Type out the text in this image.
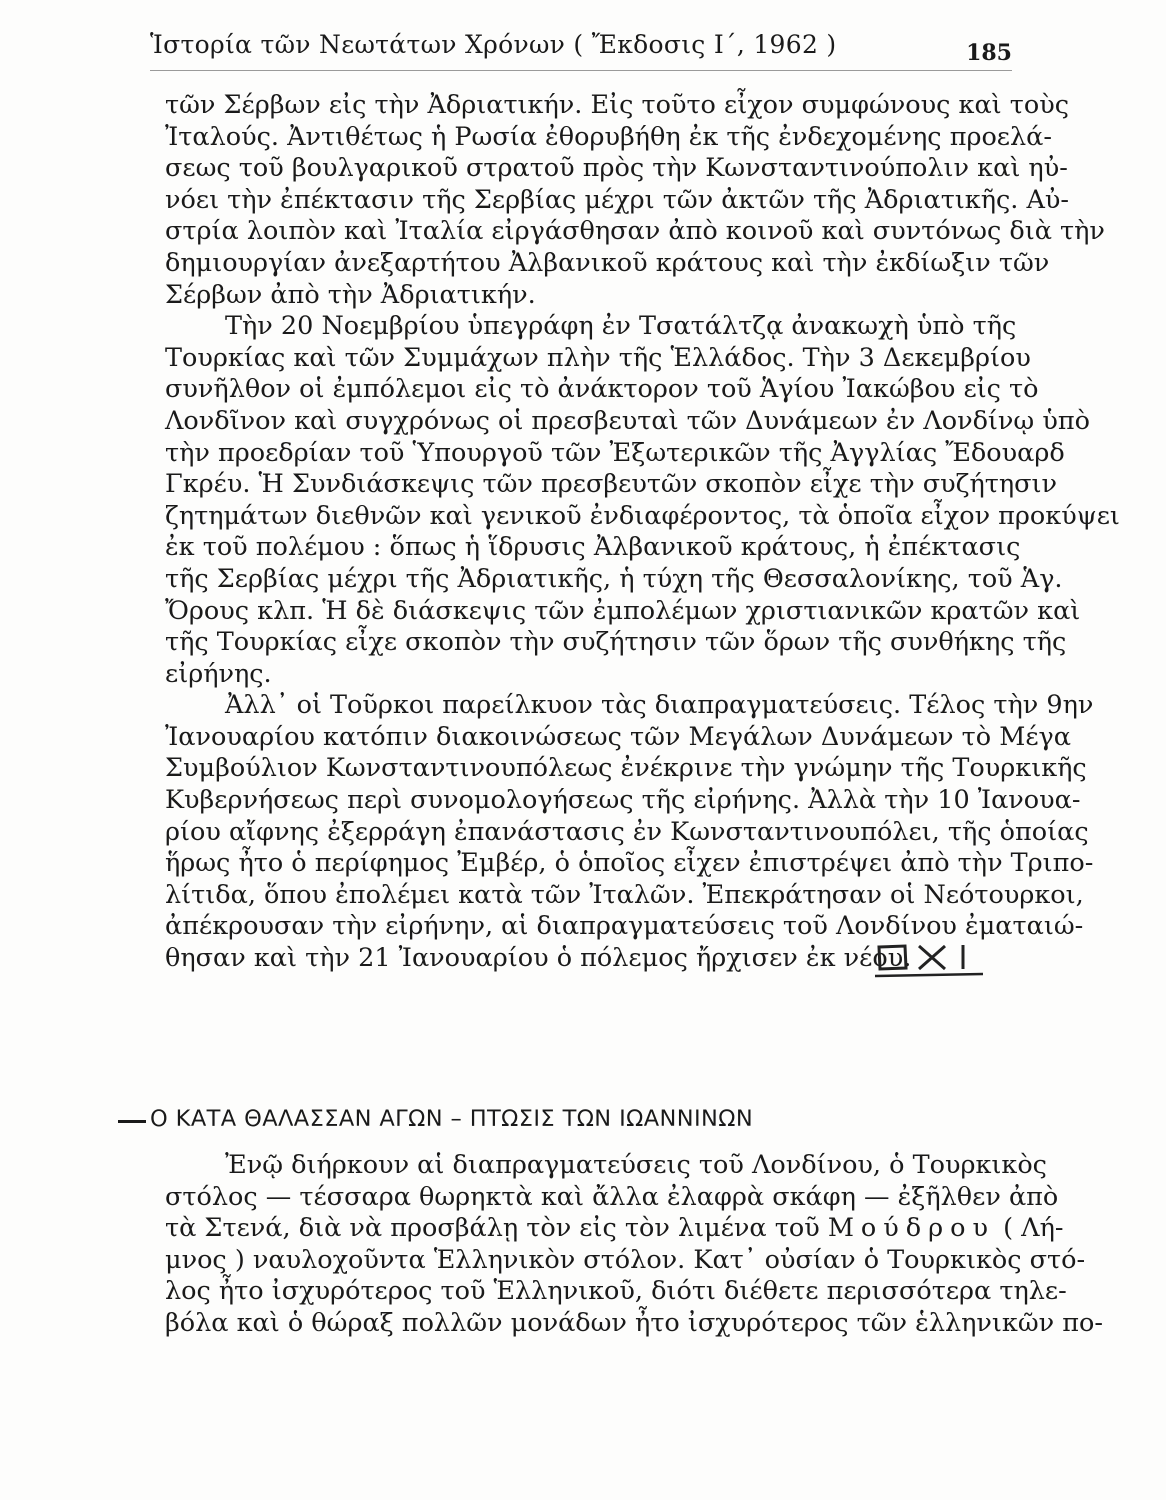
Ἱστορία τῶν Νεωτάτων Χρόνων ( Ἔκδοσις Ι΄, 1962 )	185
τῶν Σέρβων εἰς τὴν Ἀδριατικήν. Εἰς τοῦτο εἶχον συμφώνους καὶ τοὺς
Ἰταλούς. Ἀντιθέτως ἡ Ρωσία ἐθορυβήθη ἐκ τῆς ἐνδεχομένης προελά-
σεως τοῦ βουλγαρικοῦ στρατοῦ πρὸς τὴν Κωνσταντινούπολιν καὶ ηὐ-
νόει τὴν ἐπέκτασιν τῆς Σερβίας μέχρι τῶν ἀκτῶν τῆς Ἀδριατικῆς. Αὐ-
στρία λοιπὸν καὶ Ἰταλία εἰργάσθησαν ἀπὸ κοινοῦ καὶ συντόνως διὰ τὴν
δημιουργίαν ἀνεξαρτήτου Ἀλβανικοῦ κράτους καὶ τὴν ἐκδίωξιν τῶν
Σέρβων ἀπὸ τὴν Ἀδριατικήν.
Τὴν 20 Νοεμβρίου ὑπεγράφη ἐν Τσατάλτζᾳ ἀνακωχὴ ὑπὸ τῆς
Τουρκίας καὶ τῶν Συμμάχων πλὴν τῆς Ἑλλάδος. Τὴν 3 Δεκεμβρίου
συνῆλθον οἱ ἐμπόλεμοι εἰς τὸ ἀνάκτορον τοῦ Ἁγίου Ἰακώβου εἰς τὸ
Λονδῖνον καὶ συγχρόνως οἱ πρεσβευταὶ τῶν Δυνάμεων ἐν Λονδίνῳ ὑπὸ
τὴν προεδρίαν τοῦ Ὑπουργοῦ τῶν Ἐξωτερικῶν τῆς Ἀγγλίας Ἔδουαρδ
Γκρέυ. Ἡ Συνδιάσκεψις τῶν πρεσβευτῶν σκοπὸν εἶχε τὴν συζήτησιν
ζητημάτων διεθνῶν καὶ γενικοῦ ἐνδιαφέροντος, τὰ ὁποῖα εἶχον προκύψει
ἐκ τοῦ πολέμου : ὅπως ἡ ἵδρυσις Ἀλβανικοῦ κράτους, ἡ ἐπέκτασις
τῆς Σερβίας μέχρι τῆς Ἀδριατικῆς, ἡ τύχη τῆς Θεσσαλονίκης, τοῦ Ἁγ.
Ὄρους κλπ. Ἡ δὲ διάσκεψις τῶν ἐμπολέμων χριστιανικῶν κρατῶν καὶ
τῆς Τουρκίας εἶχε σκοπὸν τὴν συζήτησιν τῶν ὅρων τῆς συνθήκης τῆς
εἰρήνης.
Ἀλλ᾽ οἱ Τοῦρκοι παρείλκυον τὰς διαπραγματεύσεις. Τέλος τὴν 9ην
Ἰανουαρίου κατόπιν διακοινώσεως τῶν Μεγάλων Δυνάμεων τὸ Μέγα
Συμβούλιον Κωνσταντινουπόλεως ἐνέκρινε τὴν γνώμην τῆς Τουρκικῆς
Κυβερνήσεως περὶ συνομολογήσεως τῆς εἰρήνης. Ἀλλὰ τὴν 10 Ἰανουα-
ρίου αἴφνης ἐξερράγη ἐπανάστασις ἐν Κωνσταντινουπόλει, τῆς ὁποίας
ἥρως ἦτο ὁ περίφημος Ἐμβέρ, ὁ ὁποῖος εἶχεν ἐπιστρέψει ἀπὸ τὴν Τριπο-
λίτιδα, ὅπου ἐπολέμει κατὰ τῶν Ἰταλῶν. Ἐπεκράτησαν οἱ Νεότουρκοι,
ἀπέκρουσαν τὴν εἰρήνην, αἱ διαπραγματεύσεις τοῦ Λονδίνου ἐματαιώ-
θησαν καὶ τὴν 21 Ἰανουαρίου ὁ πόλεμος ἤρχισεν ἐκ νέου.
Ο ΚΑΤΑ ΘΑΛΑΣΣΑΝ ΑΓΩΝ – ΠΤΩΣΙΣ ΤΩΝ ΙΩΑΝΝΙΝΩΝ
Ἐνῷ διήρκουν αἱ διαπραγματεύσεις τοῦ Λονδίνου, ὁ Τουρκικὸς
στόλος — τέσσαρα θωρηκτὰ καὶ ἄλλα ἐλαφρὰ σκάφη — ἐξῆλθεν ἀπὸ
τὰ Στενά, διὰ νὰ προσβάλῃ τὸν εἰς τὸν λιμένα τοῦ Μούδρου ( Λή-
μνος ) ναυλοχοῦντα Ἑλληνικὸν στόλον. Κατ᾽ οὐσίαν ὁ Τουρκικὸς στό-
λος ἦτο ἰσχυρότερος τοῦ Ἑλληνικοῦ, διότι διέθετε περισσότερα τηλε-
βόλα καὶ ὁ θώραξ πολλῶν μονάδων ἦτο ἰσχυρότερος τῶν ἑλληνικῶν πο-
